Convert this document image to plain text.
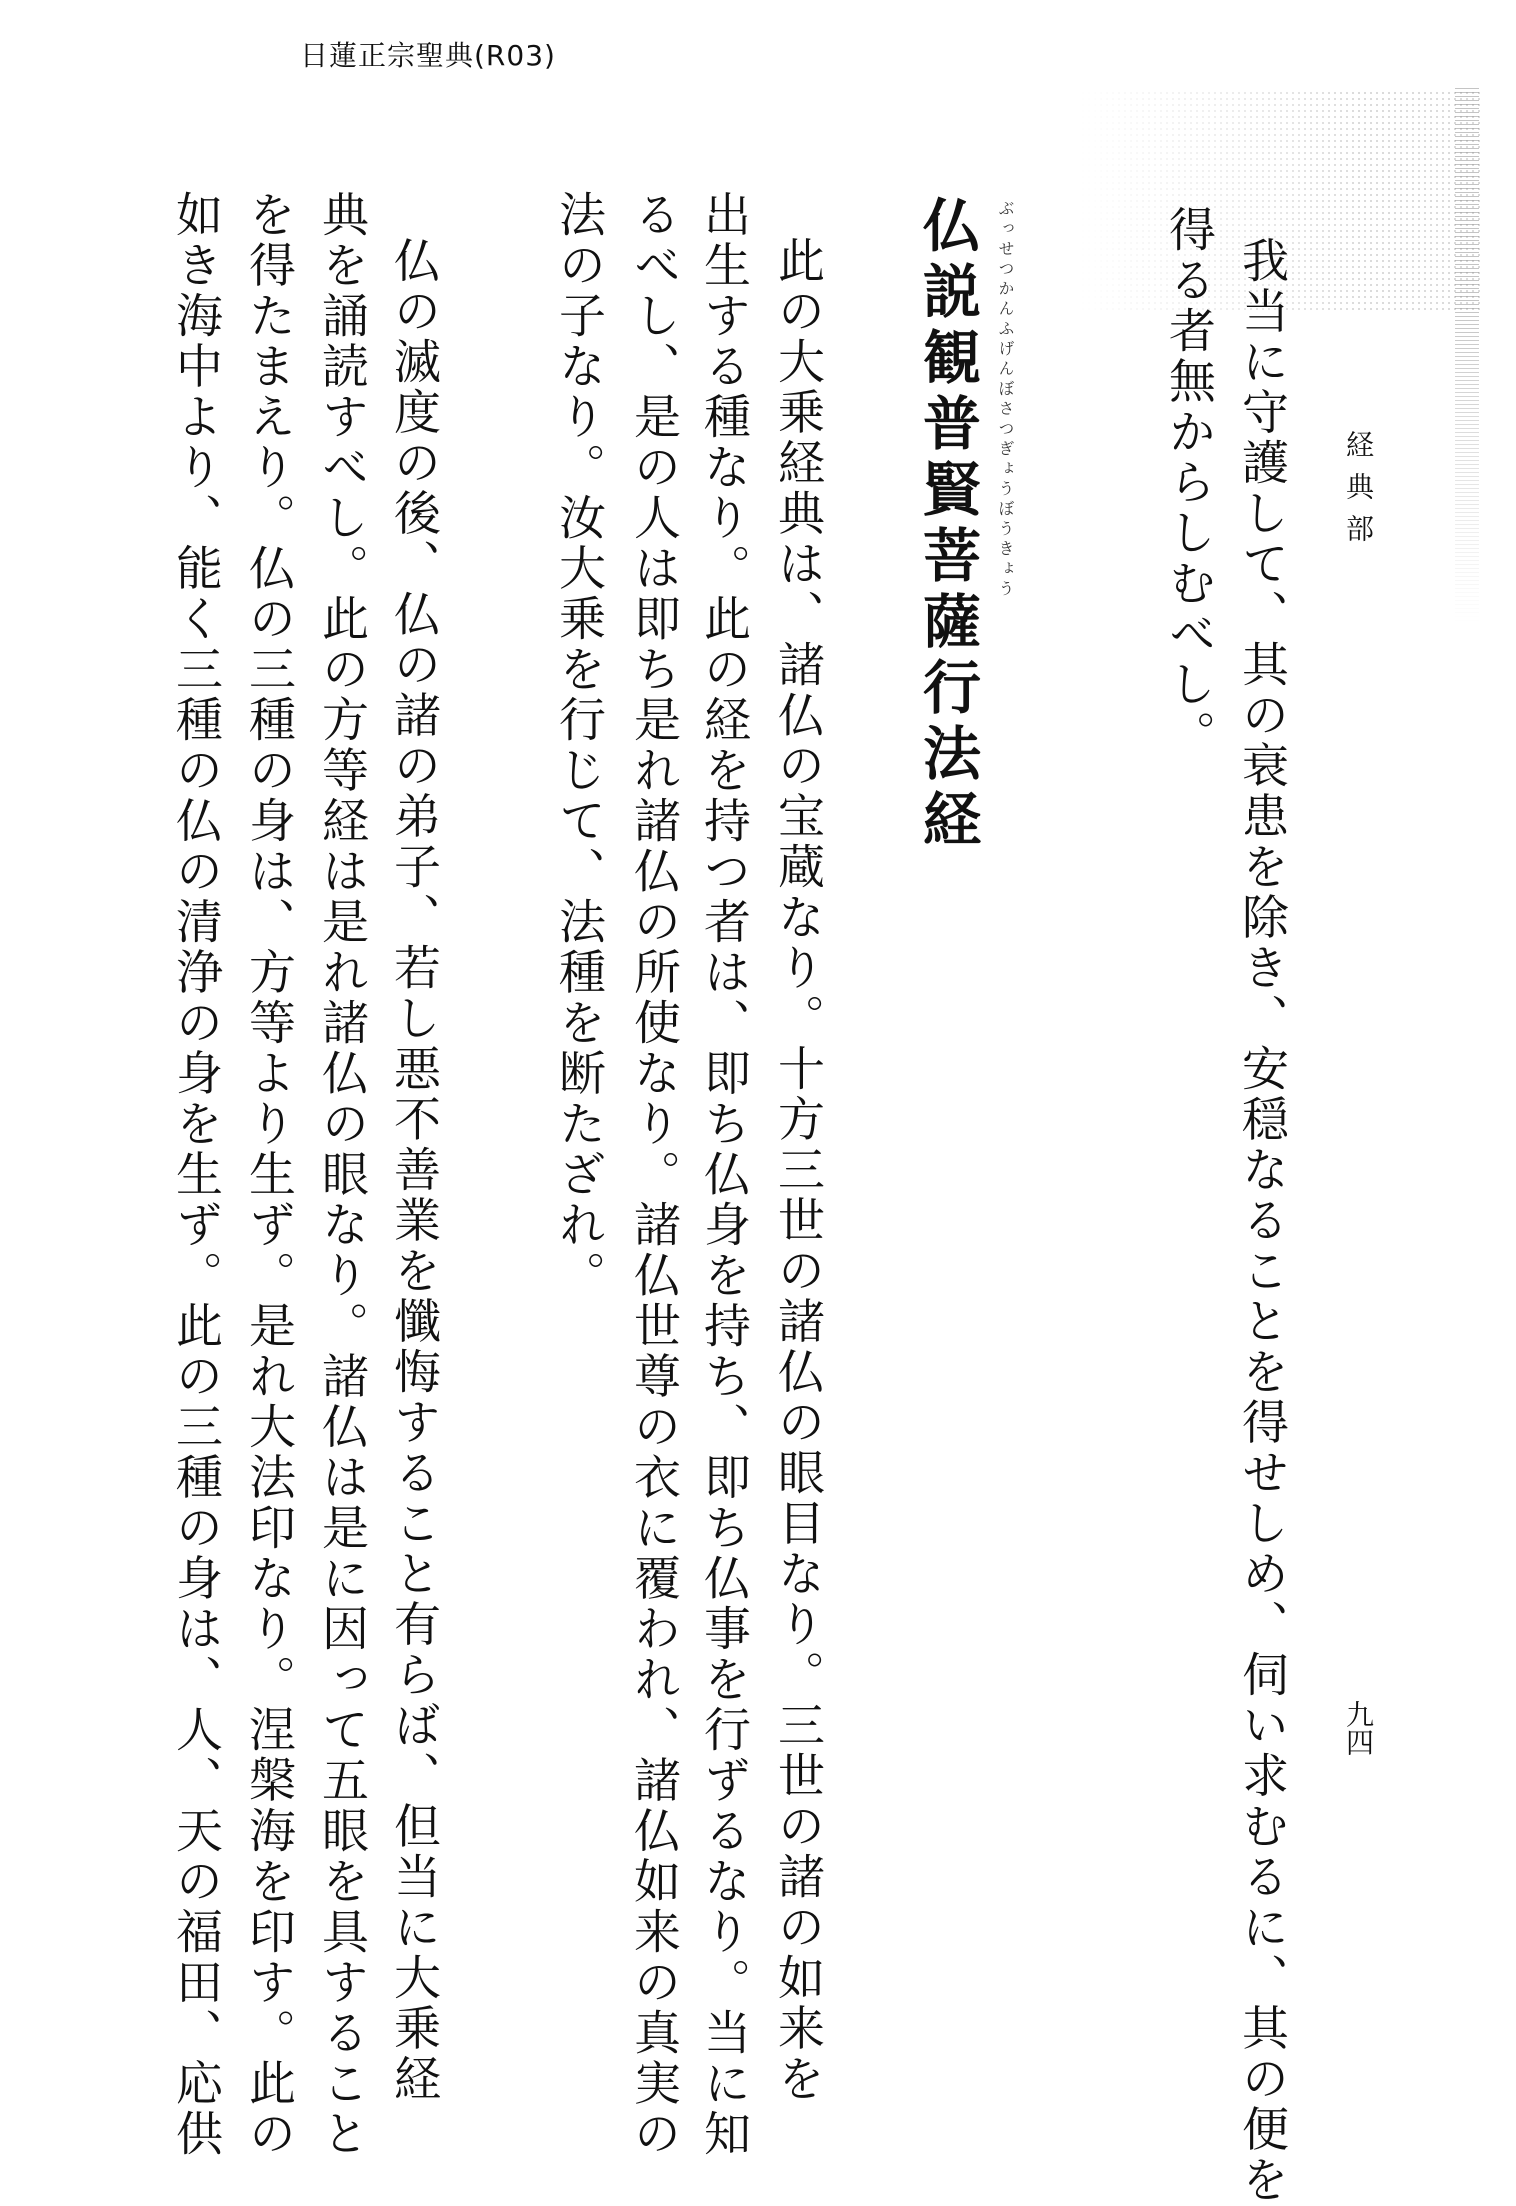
日蓮正宗聖典(R03)
経典部
九四
我当に守護して、其の衰患を除き、安穏なることを得せしめ、伺い求むるに、其の便を
得る者無からしむべし。
仏説観普賢菩薩行法経 ぶっせつかんふげんぼさつぎょうぼうきょう
此の大乗経典は、諸仏の宝蔵なり。十方三世の諸仏の眼目なり。三世の諸の如来を
出生する種なり。此の経を持つ者は、即ち仏身を持ち、即ち仏事を行ずるなり。当に知
るべし、是の人は即ち是れ諸仏の所使なり。諸仏世尊の衣に覆われ、諸仏如来の真実の
法の子なり。汝大乗を行じて、法種を断たざれ。
仏の滅度の後、仏の諸の弟子、若し悪不善業を懺悔すること有らば、但当に大乗経
典を誦読すべし。此の方等経は是れ諸仏の眼なり。諸仏は是に因って五眼を具すること
を得たまえり。仏の三種の身は、方等より生ず。是れ大法印なり。涅槃海を印す。此の
如き海中より、能く三種の仏の清浄の身を生ず。此の三種の身は、人、天の福田、応供
